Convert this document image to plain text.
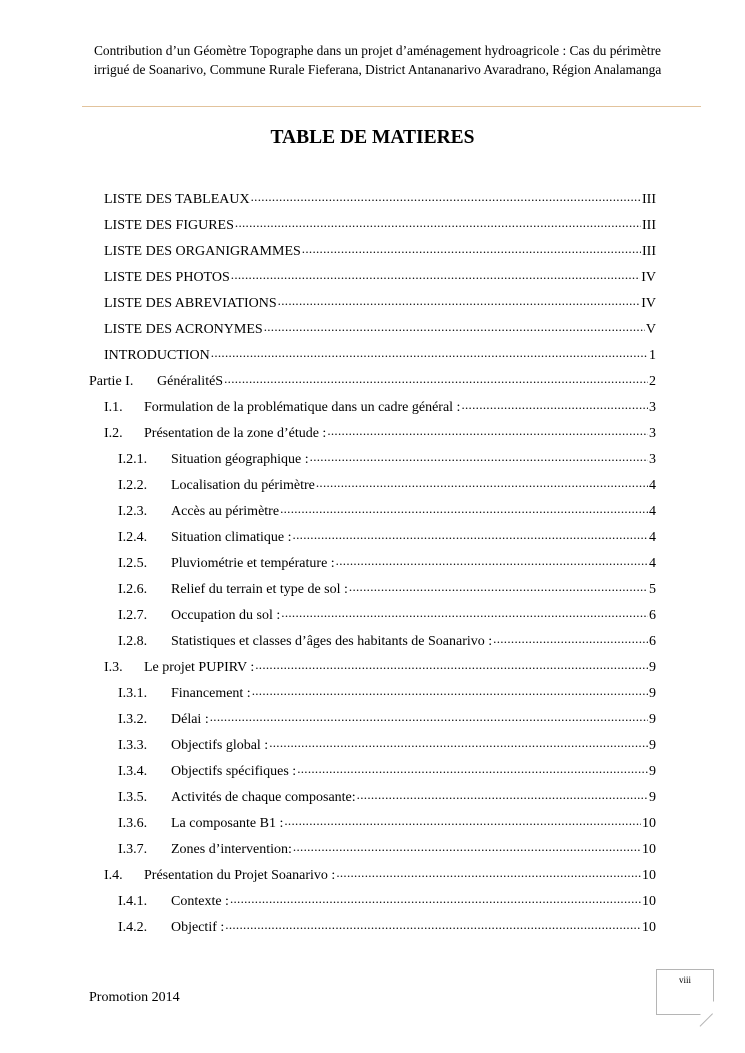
Contribution d’un Géomètre Topographe dans un projet d’aménagement hydroagricole : Cas du périmètre irrigué de Soanarivo, Commune Rurale Fieferana, District Antananarivo Avaradrano, Région Analamanga
TABLE DE MATIERES
LISTE DES TABLEAUX .....	III
LISTE DES FIGURES .....	III
LISTE DES ORGANIGRAMMES .....	III
LISTE DES PHOTOS .....	IV
LISTE DES ABREVIATIONS .....	IV
LISTE DES ACRONYMES .....	V
INTRODUCTION .....	1
Partie I.	GénéralitéS .....	2
I.1.	Formulation de la problématique dans un cadre général : .....	3
I.2.	Présentation de la zone d’étude : .....	3
I.2.1.	Situation géographique : .....	3
I.2.2.	Localisation du périmètre .....	4
I.2.3.	Accès au périmètre .....	4
I.2.4.	Situation climatique : .....	4
I.2.5.	Pluviométrie et température : .....	4
I.2.6.	Relief du terrain et type de sol : .....	5
I.2.7.	Occupation du sol : .....	6
I.2.8.	Statistiques et classes d’âges des habitants de Soanarivo : .....	6
I.3.	Le projet PUPIRV : .....	9
I.3.1.	Financement : .....	9
I.3.2.	Délai : .....	9
I.3.3.	Objectifs global : .....	9
I.3.4.	Objectifs spécifiques : .....	9
I.3.5.	Activités de chaque composante: .....	9
I.3.6.	La composante B1 : .....	10
I.3.7.	Zones d’intervention: .....	10
I.4.	Présentation du Projet Soanarivo : .....	10
I.4.1.	Contexte : .....	10
I.4.2.	Objectif : .....	10
viii
Promotion 2014
